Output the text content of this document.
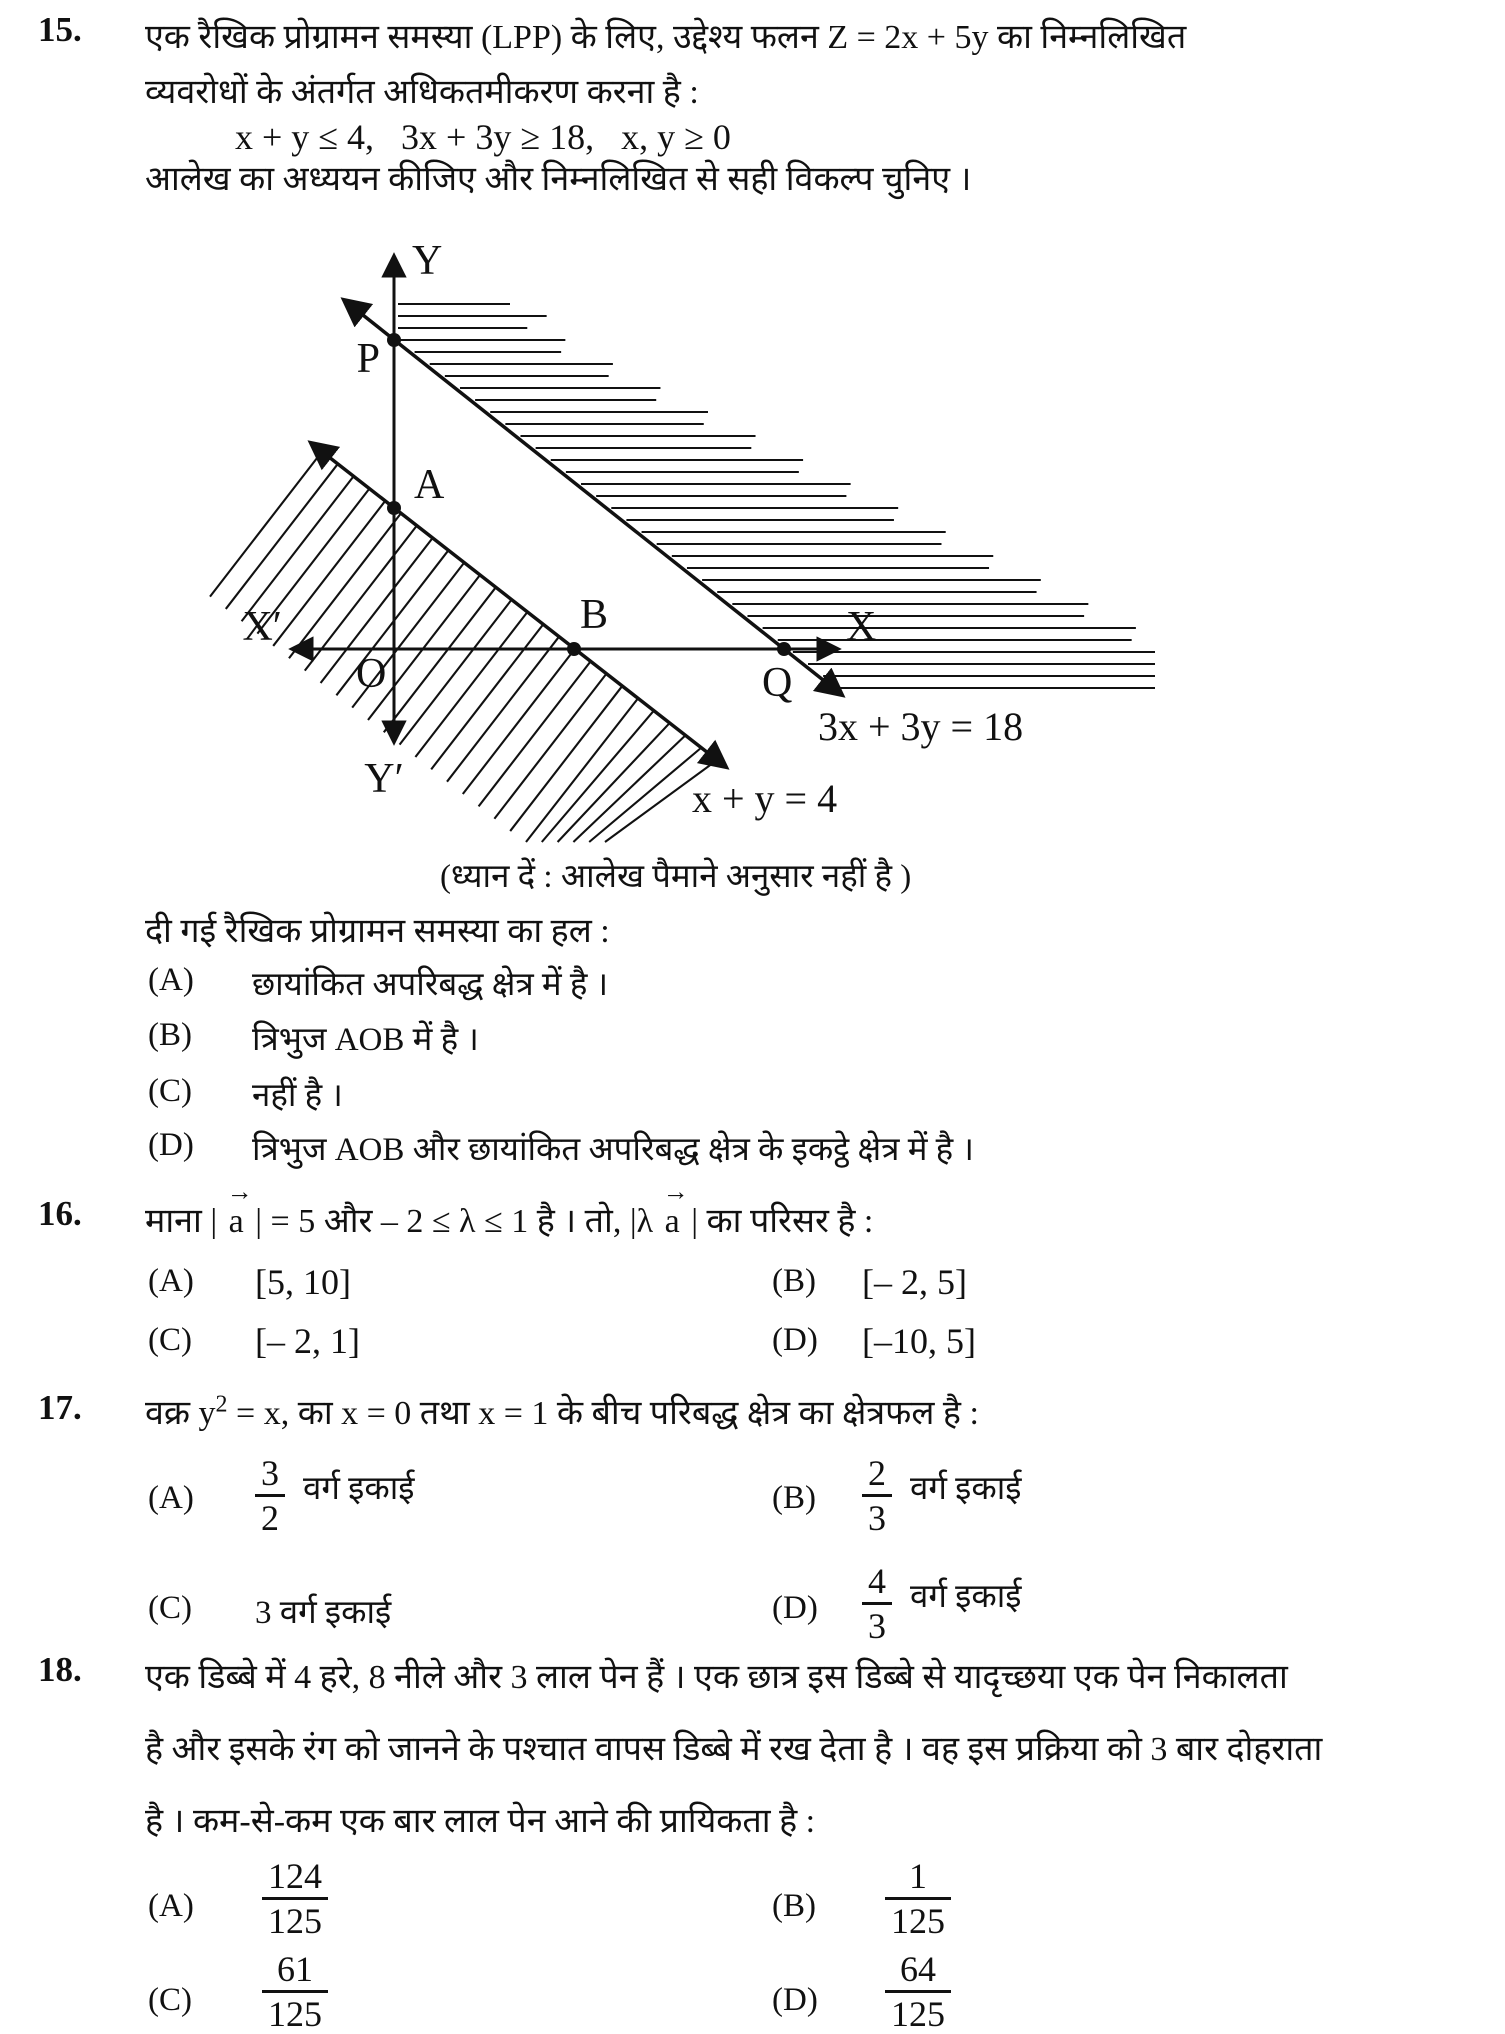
15. एक रैखिक प्रोग्रामन समस्या (LPP) के लिए, उद्देश्य फलन Z = 2x + 5y का निम्नलिखित
व्यवरोधों के अंतर्गत अधिकतमीकरण करना है :
x + y ≤ 4,   3x + 3y ≥ 18,   x, y ≥ 0
आलेख का अध्ययन कीजिए और निम्नलिखित से सही विकल्प चुनिए ।
Y
Y′
X′	X
O
P
A
B
Q
3x + 3y = 18
x + y = 4
(ध्यान दें : आलेख पैमाने अनुसार नहीं है )
दी गई रैखिक प्रोग्रामन समस्या का हल :
(A) छायांकित अपरिबद्ध क्षेत्र में है ।
(B) त्रिभुज AOB में है ।
(C) नहीं है ।
(D) त्रिभुज AOB और छायांकित अपरिबद्ध क्षेत्र के इकट्ठे क्षेत्र में है ।
16. माना | a
→
| = 5 और – 2 ≤ λ ≤ 1 है । तो, |λ a
→
| का परिसर है :
(A) [5, 10]	(B) [– 2, 5]
(C) [– 2, 1]	(D) [–10, 5]
17. वक्र $y^2 = x$, का x = 0 तथा x = 1 के बीच परिबद्ध क्षेत्र का क्षेत्रफल है :
$(A) \frac{3}{2}$ वर्ग इकाई	$(B) \frac{2}{3}$ वर्ग इकाई
(C) 3 वर्ग इकाई	$(D) \frac{4}{3}$ वर्ग इकाई
18. एक डिब्बे में 4 हरे, 8 नीले और 3 लाल पेन हैं । एक छात्र इस डिब्बे से यादृच्छया एक पेन निकालता
है और इसके रंग को जानने के पश्चात वापस डिब्बे में रख देता है । वह इस प्रक्रिया को 3 बार दोहराता
है । कम-से-कम एक बार लाल पेन आने की प्रायिकता है :
$(A) \frac{124}{125}$	$(B) \frac{1}{125}$
$(C) \frac{61}{125}$	$(D) \frac{64}{125}$
